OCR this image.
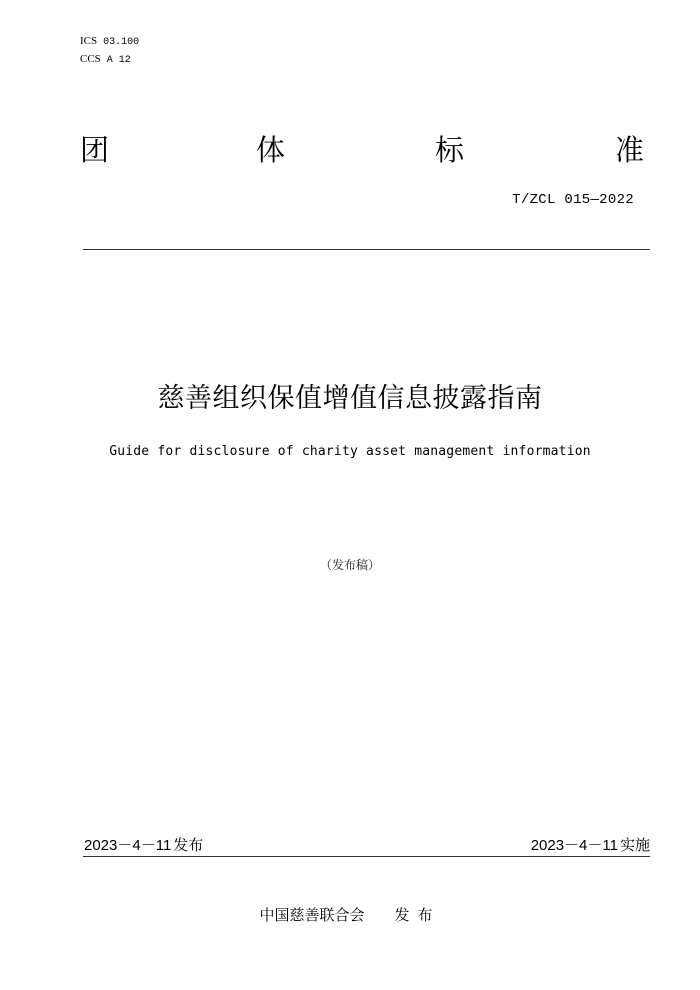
ICS 03.100
CCS A 12
团	体	标	准
T/ZCL 015—2022
慈善组织保值增值信息披露指南
Guide for disclosure of charity asset management information
（发布稿）
2023－4－11 发布	2023－4－11 实施
中国慈善联合会 发布
